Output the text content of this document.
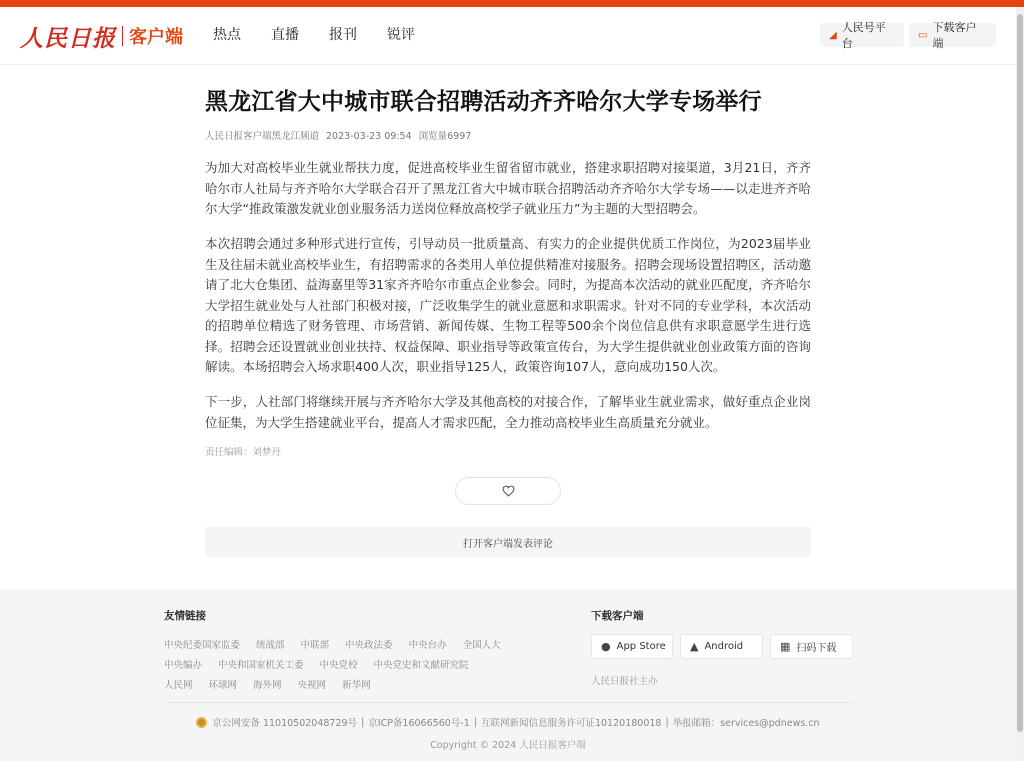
人民日报 客户端 热点	直播	报刊	锐评	◢
人民号平台
▭
下载客户端
黑龙江省大中城市联合招聘活动齐齐哈尔大学专场举行
人民日报客户端黑龙江频道 2023-03-23 09:54 浏览量6997

为加大对高校毕业生就业帮扶力度，促进高校毕业生留省留市就业，搭建求职招聘对接渠道，3月21日，齐齐哈尔市人社局与齐齐哈尔大学联合召开了黑龙江省大中城市联合招聘活动齐齐哈尔大学专场——以走进齐齐哈尔大学“推政策激发就业创业服务活力送岗位释放高校学子就业压力”为主题的大型招聘会。

本次招聘会通过多种形式进行宣传，引导动员一批质量高、有实力的企业提供优质工作岗位，为2023届毕业生及往届未就业高校毕业生，有招聘需求的各类用人单位提供精准对接服务。招聘会现场设置招聘区，活动邀请了北大仓集团、益海嘉里等31家齐齐哈尔市重点企业参会。同时，为提高本次活动的就业匹配度，齐齐哈尔大学招生就业处与人社部门积极对接，广泛收集学生的就业意愿和求职需求。针对不同的专业学科，本次活动的招聘单位精选了财务管理、市场营销、新闻传媒、生物工程等500余个岗位信息供有求职意愿学生进行选择。招聘会还设置就业创业扶持、权益保障、职业指导等政策宣传台，为大学生提供就业创业政策方面的咨询解读。本场招聘会入场求职400人次，职业指导125人，政策咨询107人，意向成功150人次。

下一步，人社部门将继续开展与齐齐哈尔大学及其他高校的对接合作，了解毕业生就业需求，做好重点企业岗位征集，为大学生搭建就业平台，提高人才需求匹配，全力推动高校毕业生高质量充分就业。

责任编辑：刘梦丹
打开客户端发表评论
友情链接
中央纪委国家监委 统战部 中联部 中央政法委 中央台办 全国人大
中央编办 中央和国家机关工委 中央党校 中央党史和文献研究院
人民网 环球网 海外网 央视网 新华网
下载客户端
● App Store ▲ Android	▦ 扫码下载
人民日报社主办
京公网安备 11010502048729号 | 京ICP备16066560号-1 | 互联网新闻信息服务许可证10120180018 | 举报邮箱：services@pdnews.cn
Copyright © 2024 人民日报客户端
